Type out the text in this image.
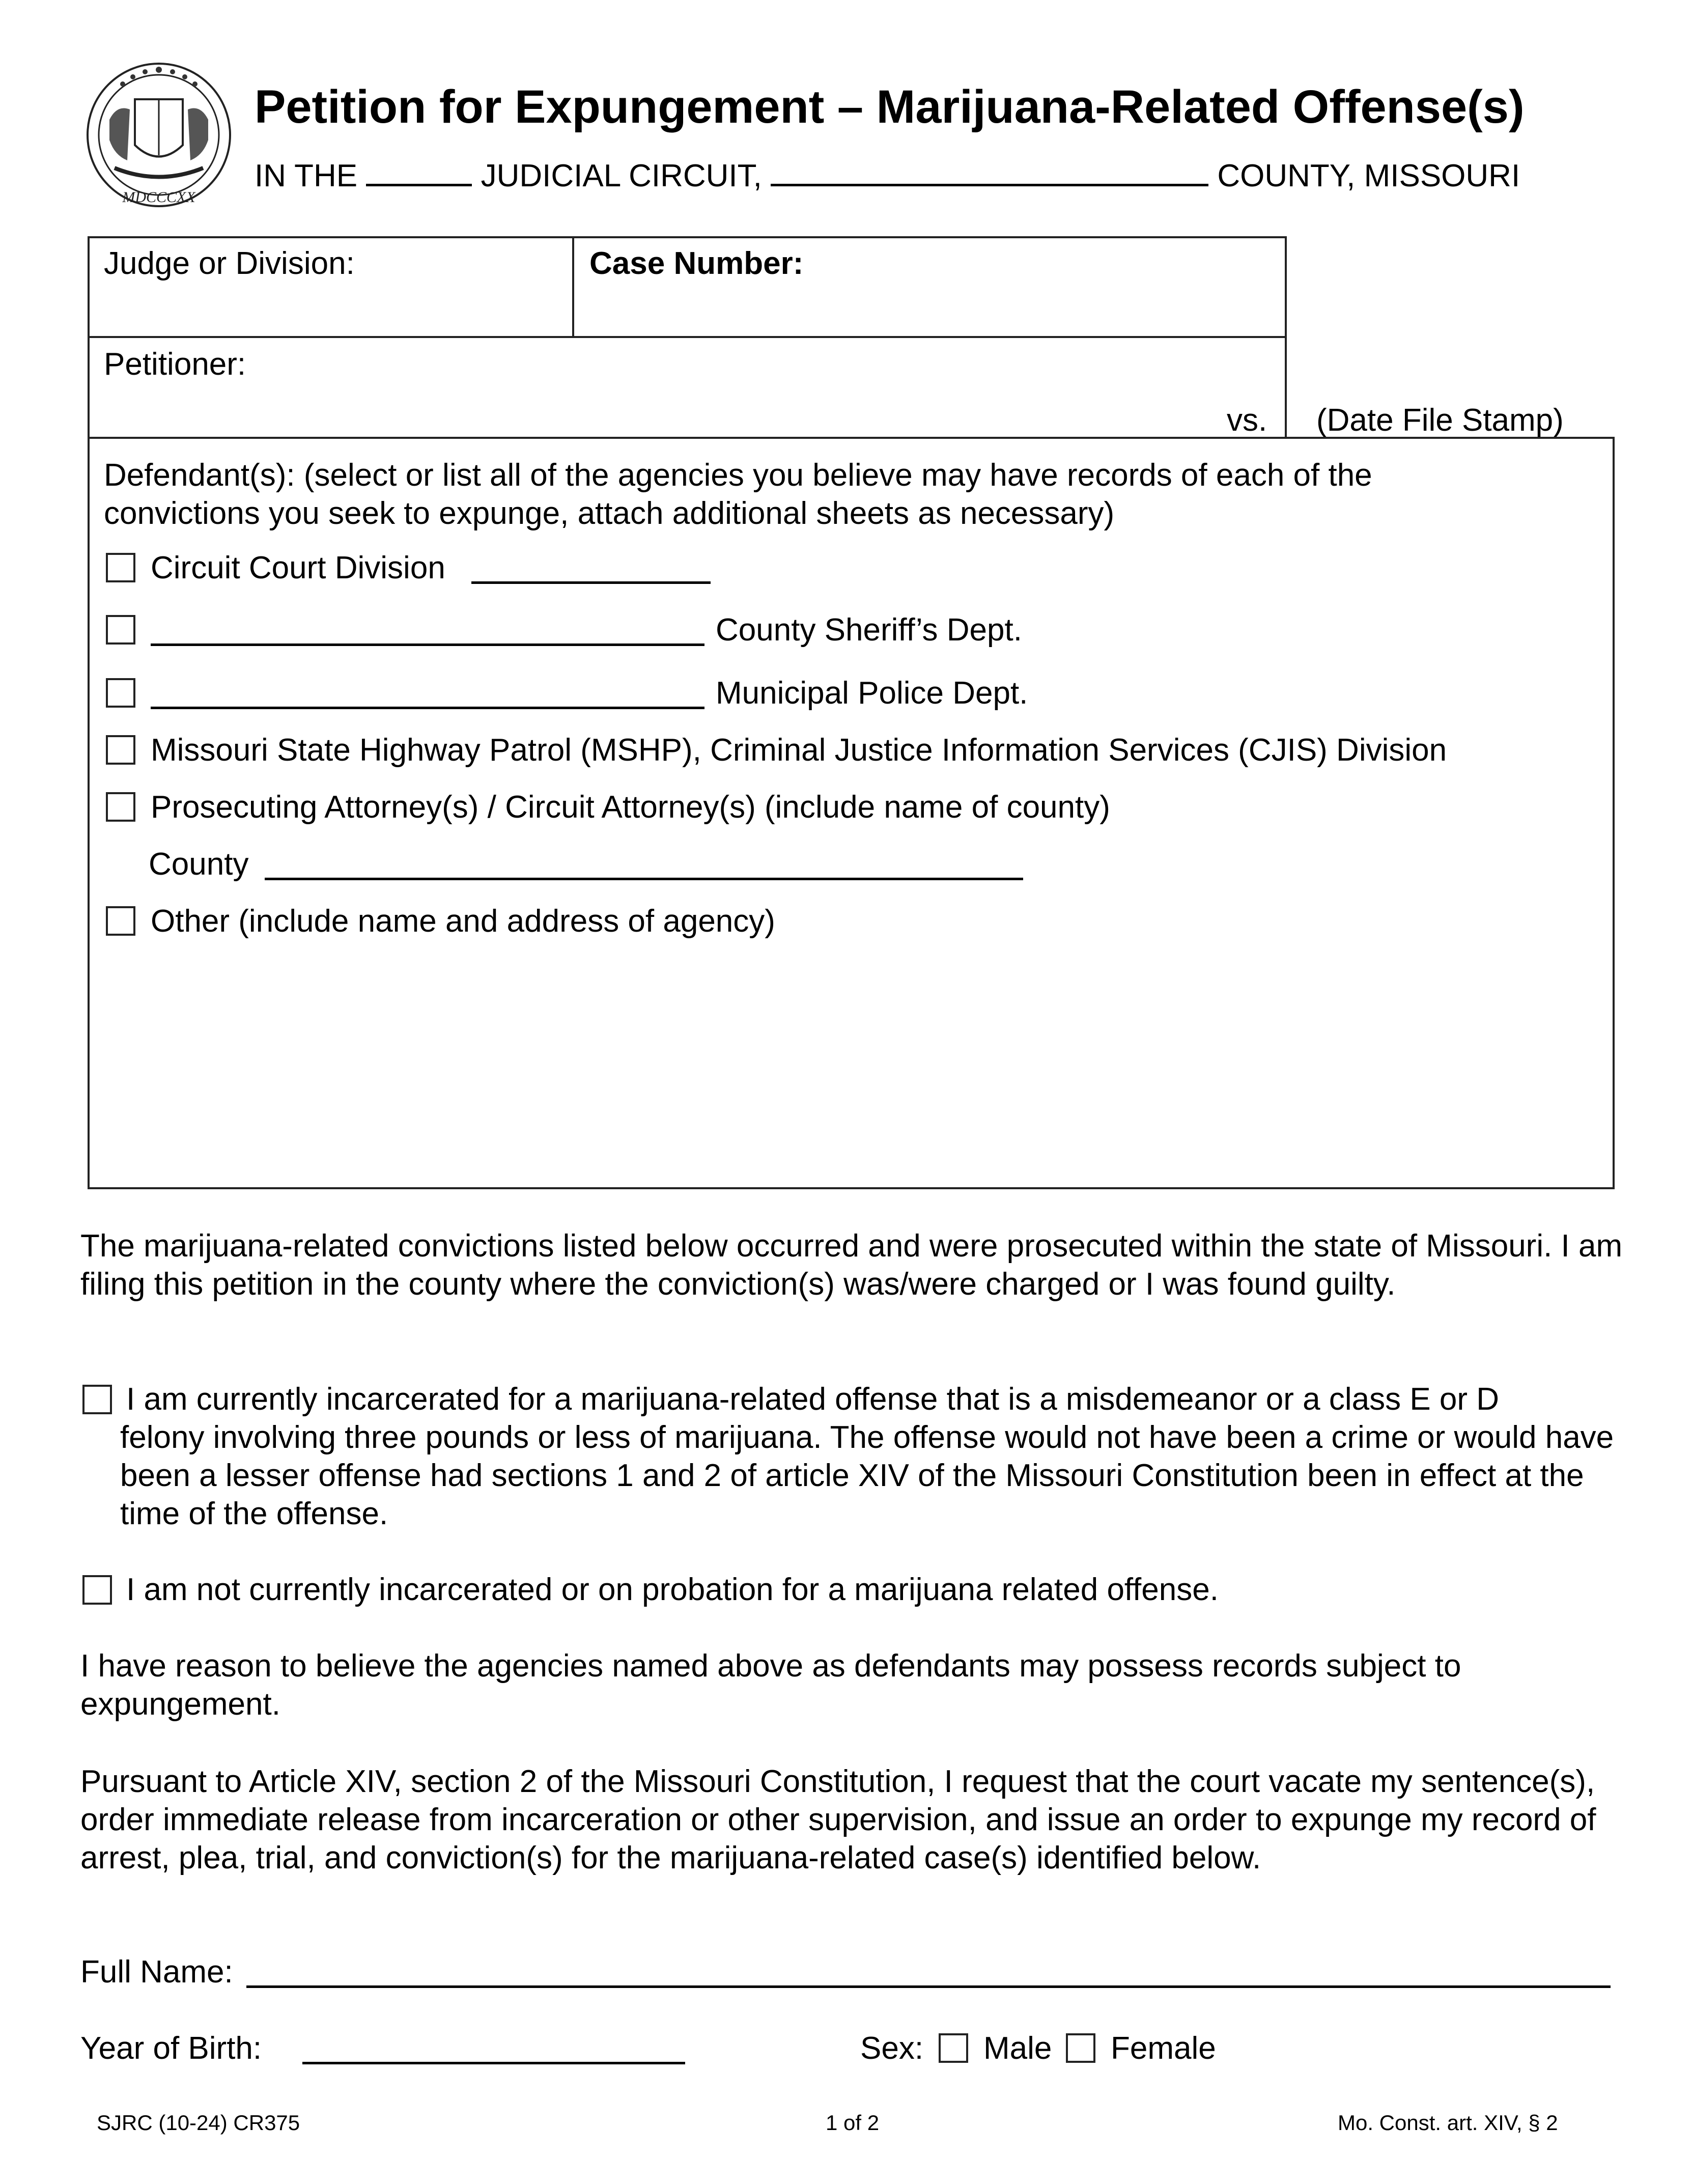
MDCCCXX
Petition for Expungement – Marijuana-Related Offense(s)
IN THE	JUDICIAL CIRCUIT,	COUNTY, MISSOURI
Judge or Division:	Case Number:
Petitioner:
vs. (Date File Stamp)
Defendant(s): (select or list all of the agencies you believe may have records of each of the convictions you seek to expunge, attach additional sheets as necessary)
Circuit Court Division
County Sheriff’s Dept.
Municipal Police Dept.
Missouri State Highway Patrol (MSHP), Criminal Justice Information Services (CJIS) Division
Prosecuting Attorney(s) / Circuit Attorney(s) (include name of county)
County
Other (include name and address of agency)
The marijuana-related convictions listed below occurred and were prosecuted within the state of Missouri. I am filing this petition in the county where the conviction(s) was/were charged or I was found guilty.
I am currently incarcerated for a marijuana-related offense that is a misdemeanor or a class E or D
felony involving three pounds or less of marijuana. The offense would not have been a crime or would have been a lesser offense had sections 1 and 2 of article XIV of the Missouri Constitution been in effect at the time of the offense.
I am not currently incarcerated or on probation for a marijuana related offense.
I have reason to believe the agencies named above as defendants may possess records subject to expungement.
Pursuant to Article XIV, section 2 of the Missouri Constitution, I request that the court vacate my sentence(s), order immediate release from incarceration or other supervision, and issue an order to expunge my record of arrest, plea, trial, and conviction(s) for the marijuana-related case(s) identified below.
Full Name:
Year of Birth:	Sex: Male Female
SJRC (10-24) CR375	1 of 2	Mo. Const. art. XIV, § 2
